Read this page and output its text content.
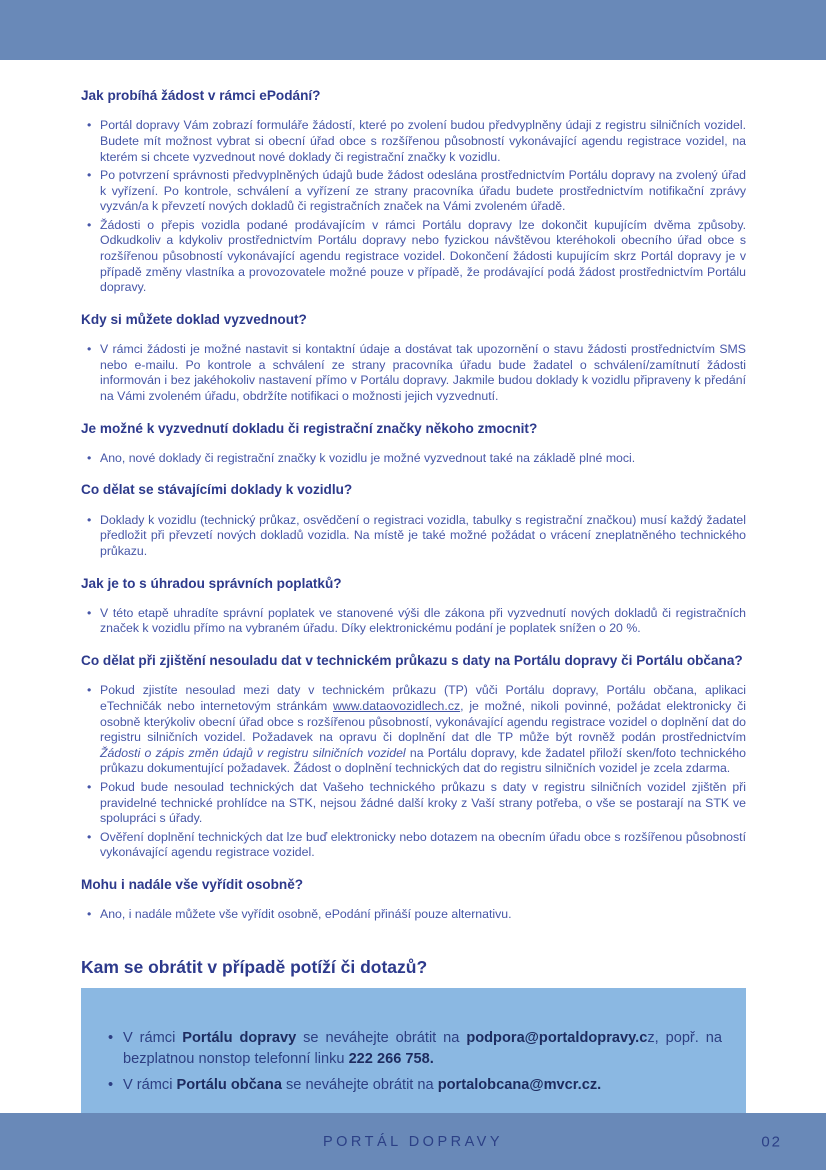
Jak probíhá žádost v rámci ePodání?
• Portál dopravy Vám zobrazí formuláře žádostí, které po zvolení budou předvyplněny údaji z registru silničních vozidel. Budete mít možnost vybrat si obecní úřad obce s rozšířenou působností vykonávající agendu registrace vozidel, na kterém si chcete vyzvednout nové doklady či registrační značky k vozidlu.
• Po potvrzení správnosti předvyplněných údajů bude žádost odeslána prostřednictvím Portálu dopravy na zvolený úřad k vyřízení. Po kontrole, schválení a vyřízení ze strany pracovníka úřadu budete prostřednictvím notifikační zprávy vyzván/a k převzetí nových dokladů či registračních značek na Vámi zvoleném úřadě.
• Žádosti o přepis vozidla podané prodávajícím v rámci Portálu dopravy lze dokončit kupujícím dvěma způsoby. Odkudkoliv a kdykoliv prostřednictvím Portálu dopravy nebo fyzickou návštěvou kteréhokoli obecního úřad obce s rozšířenou působností vykonávající agendu registrace vozidel. Dokončení žádosti kupujícím skrz Portál dopravy je v případě změny vlastníka a provozovatele možné pouze v případě, že prodávající podá žádost prostřednictvím Portálu dopravy.
Kdy si můžete doklad vyzvednout?
• V rámci žádosti je možné nastavit si kontaktní údaje a dostávat tak upozornění o stavu žádosti prostřednictvím SMS nebo e-mailu. Po kontrole a schválení ze strany pracovníka úřadu bude žadatel o schválení/zamítnutí žádosti informován i bez jakéhokoliv nastavení přímo v Portálu dopravy. Jakmile budou doklady k vozidlu připraveny k předání na Vámi zvoleném úřadu, obdržíte notifikaci o možnosti jejich vyzvednutí.
Je možné k vyzvednutí dokladu či registrační značky někoho zmocnit?
• Ano, nové doklady či registrační značky k vozidlu je možné vyzvednout také na základě plné moci.
Co dělat se stávajícími doklady k vozidlu?
• Doklady k vozidlu (technický průkaz, osvědčení o registraci vozidla, tabulky s registrační značkou) musí každý žadatel předložit při převzetí nových dokladů vozidla. Na místě je také možné požádat o vrácení zneplatněného technického průkazu.
Jak je to s úhradou správních poplatků?
• V této etapě uhradíte správní poplatek ve stanovené výši dle zákona při vyzvednutí nových dokladů či registračních značek k vozidlu přímo na vybraném úřadu. Díky elektronickému podání je poplatek snížen o 20 %.
Co dělat při zjištění nesouladu dat v technickém průkazu s daty na Portálu dopravy či Portálu občana?
• Pokud zjistíte nesoulad mezi daty v technickém průkazu (TP) vůči Portálu dopravy, Portálu občana, aplikaci eTechničák nebo internetovým stránkám www.dataovozidlech.cz, je možné, nikoli povinné, požádat elektronicky či osobně kterýkoliv obecní úřad obce s rozšířenou působností, vykonávající agendu registrace vozidel o doplnění dat do registru silničních vozidel. Požadavek na opravu či doplnění dat dle TP může být rovněž podán prostřednictvím Žádosti o zápis změn údajů v registru silničních vozidel na Portálu dopravy, kde žadatel přiloží sken/foto technického průkazu dokumentující požadavek. Žádost o doplnění technických dat do registru silničních vozidel je zcela zdarma.
• Pokud bude nesoulad technických dat Vašeho technického průkazu s daty v registru silničních vozidel zjištěn při pravidelné technické prohlídce na STK, nejsou žádné další kroky z Vaší strany potřeba, o vše se postarají na STK ve spolupráci s úřady.
• Ověření doplnění technických dat lze buď elektronicky nebo dotazem na obecním úřadu obce s rozšířenou působností vykonávající agendu registrace vozidel.
Mohu i nadále vše vyřídit osobně?
• Ano, i nadále můžete vše vyřídit osobně, ePodání přináší pouze alternativu.
Kam se obrátit v případě potíží či dotazů?
• V rámci Portálu dopravy se neváhejte obrátit na podpora@portaldopravy.cz, popř. na bezplatnou nonstop telefonní linku 222 266 758.
• V rámci Portálu občana se neváhejte obrátit na portalobcana@mvcr.cz.
PORTÁL DOPRAVY	02
